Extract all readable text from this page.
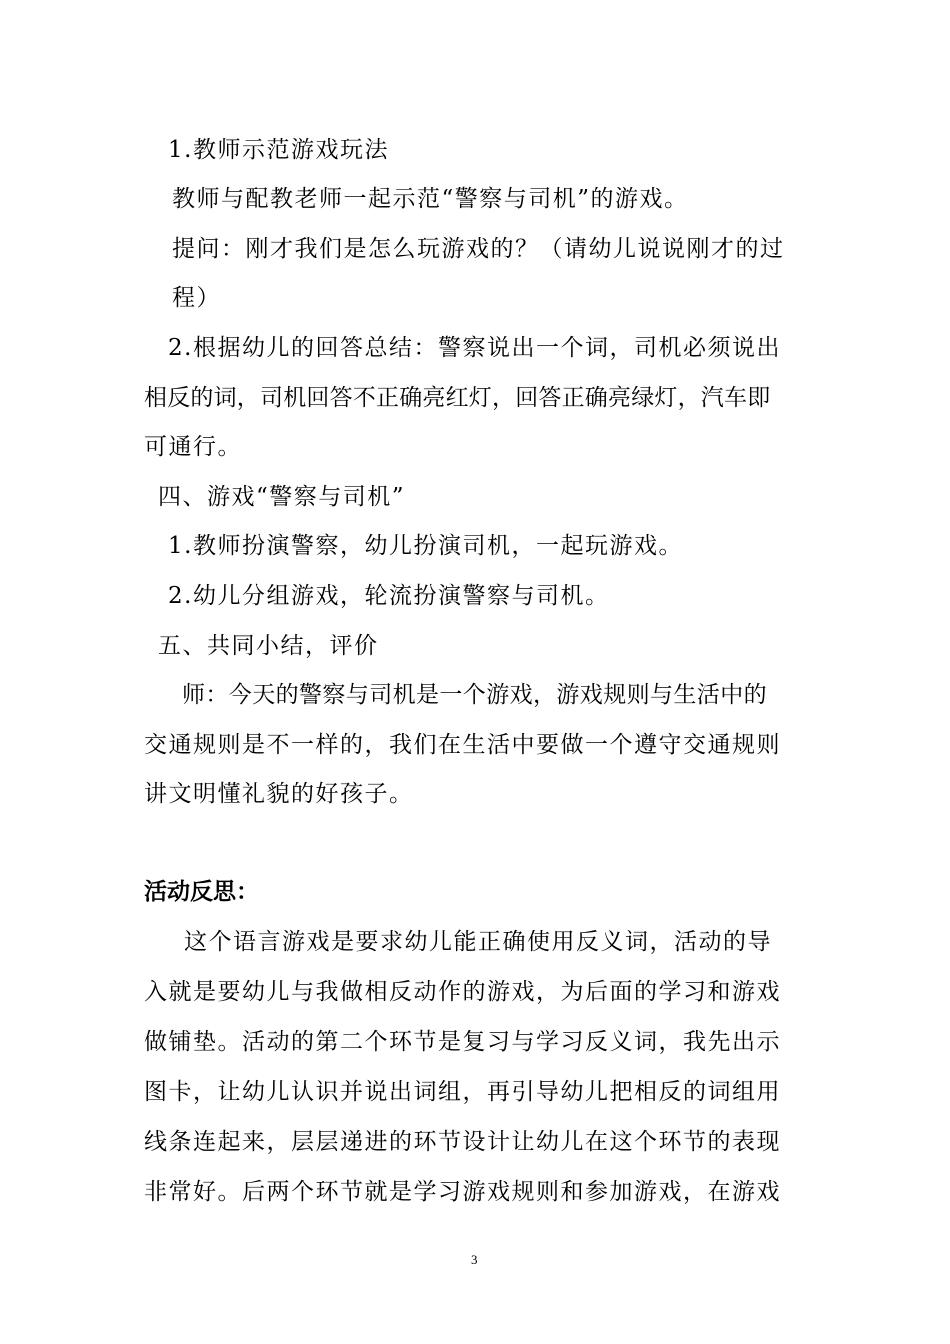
1.教师示范游戏玩法
教师与配教老师一起示范“警察与司机”的游戏。
提问：刚才我们是怎么玩游戏的？（请幼儿说说刚才的过
程）
2.根据幼儿的回答总结：警察说出一个词，司机必须说出
相反的词，司机回答不正确亮红灯，回答正确亮绿灯，汽车即
可通行。
四、游戏“警察与司机”
1.教师扮演警察，幼儿扮演司机，一起玩游戏。
2.幼儿分组游戏，轮流扮演警察与司机。
五、共同小结，评价
师：今天的警察与司机是一个游戏，游戏规则与生活中的
交通规则是不一样的，我们在生活中要做一个遵守交通规则
讲文明懂礼貌的好孩子。
活动反思：
这个语言游戏是要求幼儿能正确使用反义词，活动的导
入就是要幼儿与我做相反动作的游戏，为后面的学习和游戏
做铺垫。活动的第二个环节是复习与学习反义词，我先出示
图卡，让幼儿认识并说出词组，再引导幼儿把相反的词组用
线条连起来，层层递进的环节设计让幼儿在这个环节的表现
非常好。后两个环节就是学习游戏规则和参加游戏，在游戏
3
